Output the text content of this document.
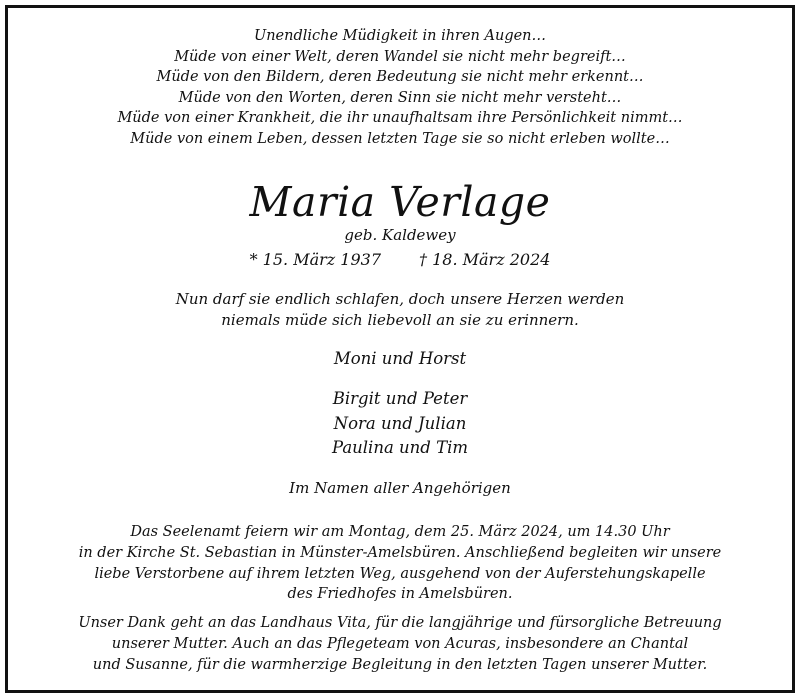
Unendliche Müdigkeit in ihren Augen…
Müde von einer Welt, deren Wandel sie nicht mehr begreift…
Müde von den Bildern, deren Bedeutung sie nicht mehr erkennt…
Müde von den Worten, deren Sinn sie nicht mehr versteht…
Müde von einer Krankheit, die ihr unaufhaltsam ihre Persönlichkeit nimmt…
Müde von einem Leben, dessen letzten Tage sie so nicht erleben wollte…
Maria Verlage
geb. Kaldewey
* 15. März 1937 † 18. März 2024
Nun darf sie endlich schlafen, doch unsere Herzen werden
niemals müde sich liebevoll an sie zu erinnern.
Moni und Horst
Birgit und Peter
Nora und Julian
Paulina und Tim
Im Namen aller Angehörigen
Das Seelenamt feiern wir am Montag, dem 25. März 2024, um 14.30 Uhr
in der Kirche St. Sebastian in Münster-Amelsbüren. Anschließend begleiten wir unsere
liebe Verstorbene auf ihrem letzten Weg, ausgehend von der Auferstehungskapelle
des Friedhofes in Amelsbüren.
Unser Dank geht an das Landhaus Vita, für die langjährige und fürsorgliche Betreuung
unserer Mutter. Auch an das Pflegeteam von Acuras, insbesondere an Chantal
und Susanne, für die warmherzige Begleitung in den letzten Tagen unserer Mutter.
